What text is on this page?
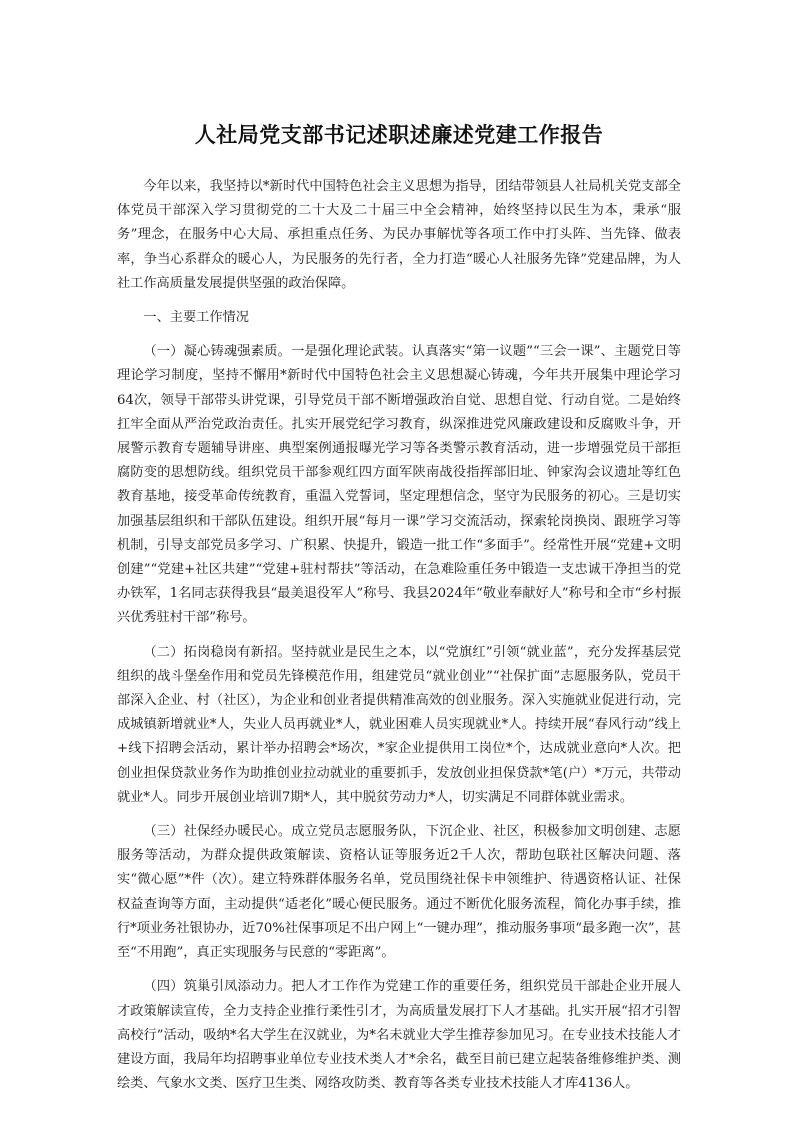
人社局党支部书记述职述廉述党建工作报告

今年以来，我坚持以*新时代中国特色社会主义思想为指导，团结带领县人社局机关党支部全体党员干部深入学习贯彻党的二十大及二十届三中全会精神，始终坚持以民生为本，秉承“服务”理念，在服务中心大局、承担重点任务、为民办事解忧等各项工作中打头阵、当先锋、做表率，争当心系群众的暖心人，为民服务的先行者，全力打造“暖心人社服务先锋”党建品牌，为人社工作高质量发展提供坚强的政治保障。

一、主要工作情况

（一）凝心铸魂强素质。一是强化理论武装。认真落实“第一议题”“三会一课”、主题党日等理论学习制度，坚持不懈用*新时代中国特色社会主义思想凝心铸魂，今年共开展集中理论学习64次，领导干部带头讲党课，引导党员干部不断增强政治自觉、思想自觉、行动自觉。二是始终扛牢全面从严治党政治责任。扎实开展党纪学习教育，纵深推进党风廉政建设和反腐败斗争，开展警示教育专题辅导讲座、典型案例通报曝光学习等各类警示教育活动，进一步增强党员干部拒腐防变的思想防线。组织党员干部参观红四方面军陕南战役指挥部旧址、钟家沟会议遗址等红色教育基地，接受革命传统教育，重温入党誓词，坚定理想信念，坚守为民服务的初心。三是切实加强基层组织和干部队伍建设。组织开展“每月一课”学习交流活动，探索轮岗换岗、跟班学习等机制，引导支部党员多学习、广积累、快提升，锻造一批工作“多面手”。经常性开展“党建+文明创建”“党建+社区共建”“党建+驻村帮扶”等活动，在急难险重任务中锻造一支忠诚干净担当的党办铁军，1名同志获得我县“最美退役军人”称号、我县2024年“敬业奉献好人”称号和全市“乡村振兴优秀驻村干部”称号。

（二）拓岗稳岗有新招。坚持就业是民生之本，以“党旗红”引领“就业蓝”，充分发挥基层党组织的战斗堡垒作用和党员先锋模范作用，组建党员“就业创业”“社保扩面”志愿服务队，党员干部深入企业、村（社区），为企业和创业者提供精准高效的创业服务。深入实施就业促进行动，完成城镇新增就业*人，失业人员再就业*人，就业困难人员实现就业*人。持续开展“春风行动”线上+线下招聘会活动，累计举办招聘会*场次，*家企业提供用工岗位*个，达成就业意向*人次。把创业担保贷款业务作为助推创业拉动就业的重要抓手，发放创业担保贷款*笔(户）*万元，共带动就业*人。同步开展创业培训7期*人，其中脱贫劳动力*人，切实满足不同群体就业需求。

（三）社保经办暖民心。成立党员志愿服务队，下沉企业、社区，积极参加文明创建、志愿服务等活动，为群众提供政策解读、资格认证等服务近2千人次，帮助包联社区解决问题、落实“微心愿”*件（次）。建立特殊群体服务名单，党员围绕社保卡申领维护、待遇资格认证、社保权益查询等方面，主动提供“适老化”暖心便民服务。通过不断优化服务流程，简化办事手续，推行*项业务社银协办，近70%社保事项足不出户网上“一键办理”，推动服务事项“最多跑一次”，甚至“不用跑”，真正实现服务与民意的“零距离”。

（四）筑巢引凤添动力。把人才工作作为党建工作的重要任务，组织党员干部赴企业开展人才政策解读宣传，全力支持企业推行柔性引才，为高质量发展打下人才基础。扎实开展“招才引智高校行”活动，吸纳*名大学生在汉就业，为*名未就业大学生推荐参加见习。在专业技术技能人才建设方面，我局年均招聘事业单位专业技术类人才*余名，截至目前已建立起装备维修维护类、测绘类、气象水文类、医疗卫生类、网络攻防类、教育等各类专业技术技能人才库4136人。
